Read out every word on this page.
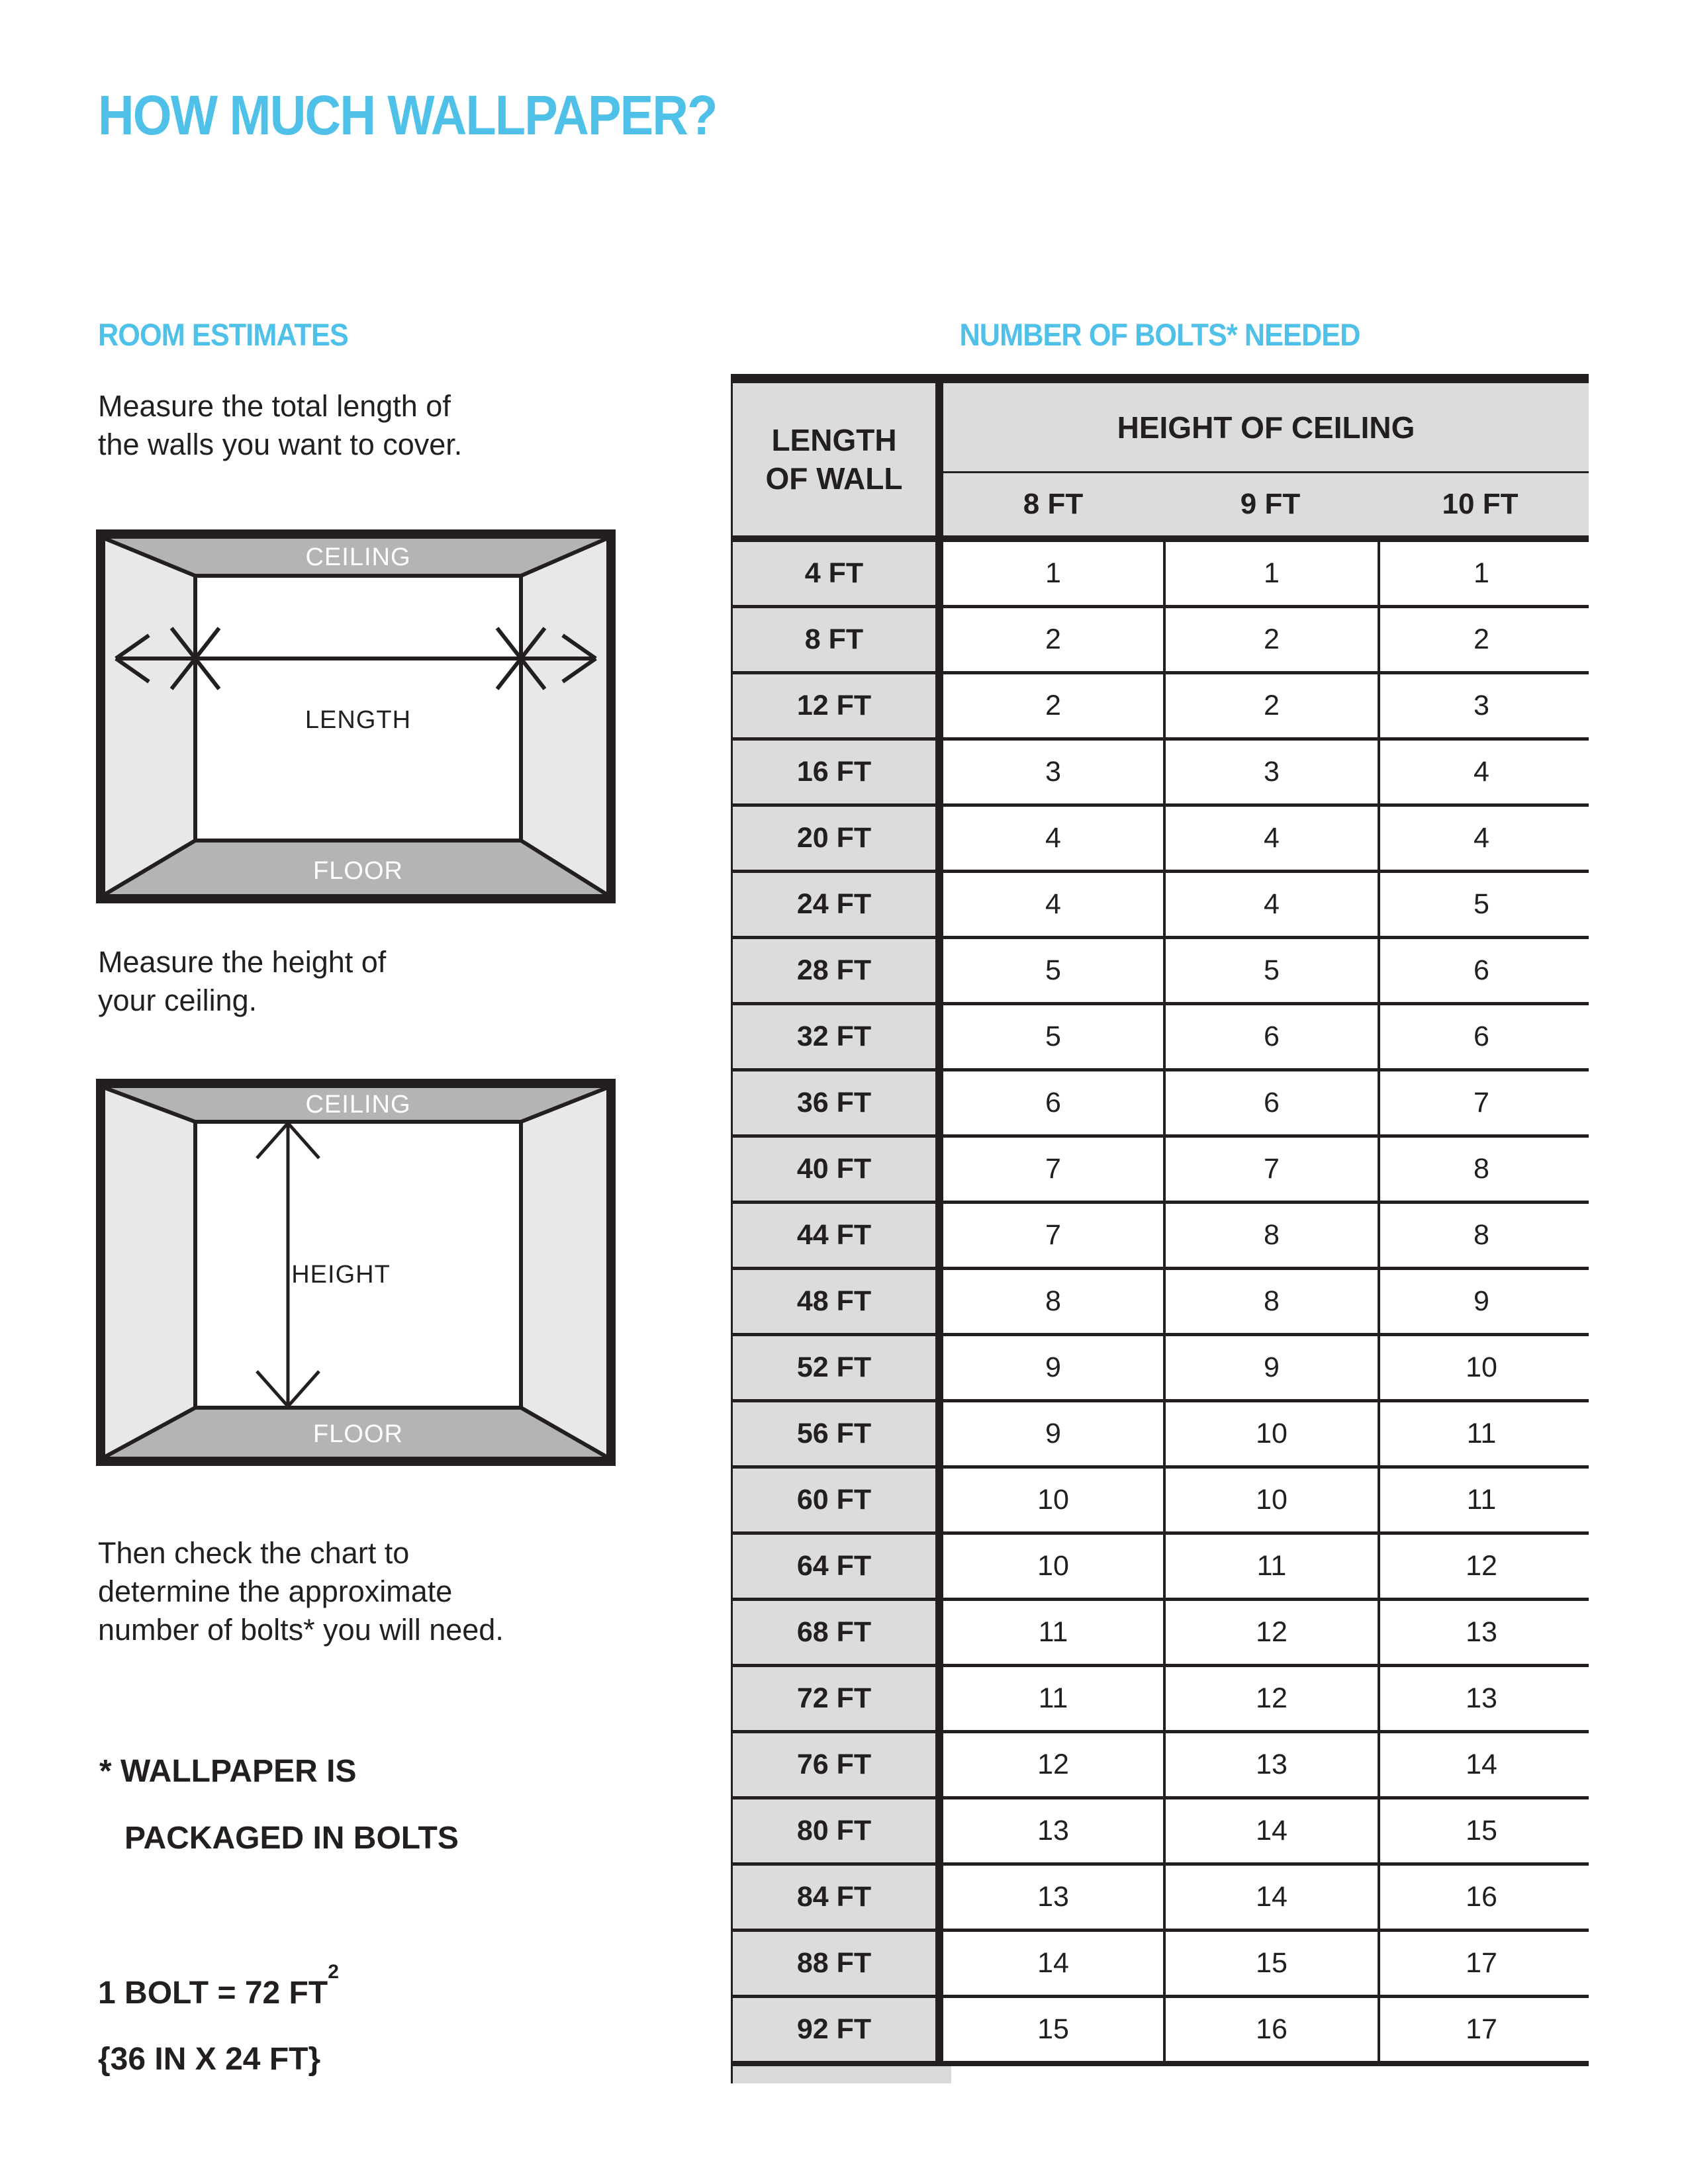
HOW MUCH WALLPAPER?
ROOM ESTIMATES
Measure the total length of
the walls you want to cover.
CEILING
FLOOR
LENGTH
Measure the height of
your ceiling.
CEILING
FLOOR
HEIGHT
Then check the chart to
determine the approximate
number of bolts* you will need.
* WALLPAPER IS
PACKAGED IN BOLTS
1 BOLT = 72 $FT^2$
{36 IN X 24 FT}
NUMBER OF BOLTS* NEEDED
LENGTH
OF WALL
HEIGHT OF CEILING
8 FT	9 FT	10 FT
4 FT	1	1	1
8 FT	2	2	2
12 FT	2	2	3
16 FT	3	3	4
20 FT	4	4	4
24 FT	4	4	5
28 FT	5	5	6
32 FT	5	6	6
36 FT	6	6	7
40 FT	7	7	8
44 FT	7	8	8
48 FT	8	8	9
52 FT	9	9	10
56 FT	9	10	11
60 FT	10	10	11
64 FT	10	11	12
68 FT	11	12	13
72 FT	11	12	13
76 FT	12	13	14
80 FT	13	14	15
84 FT	13	14	16
88 FT	14	15	17
92 FT	15	16	17
